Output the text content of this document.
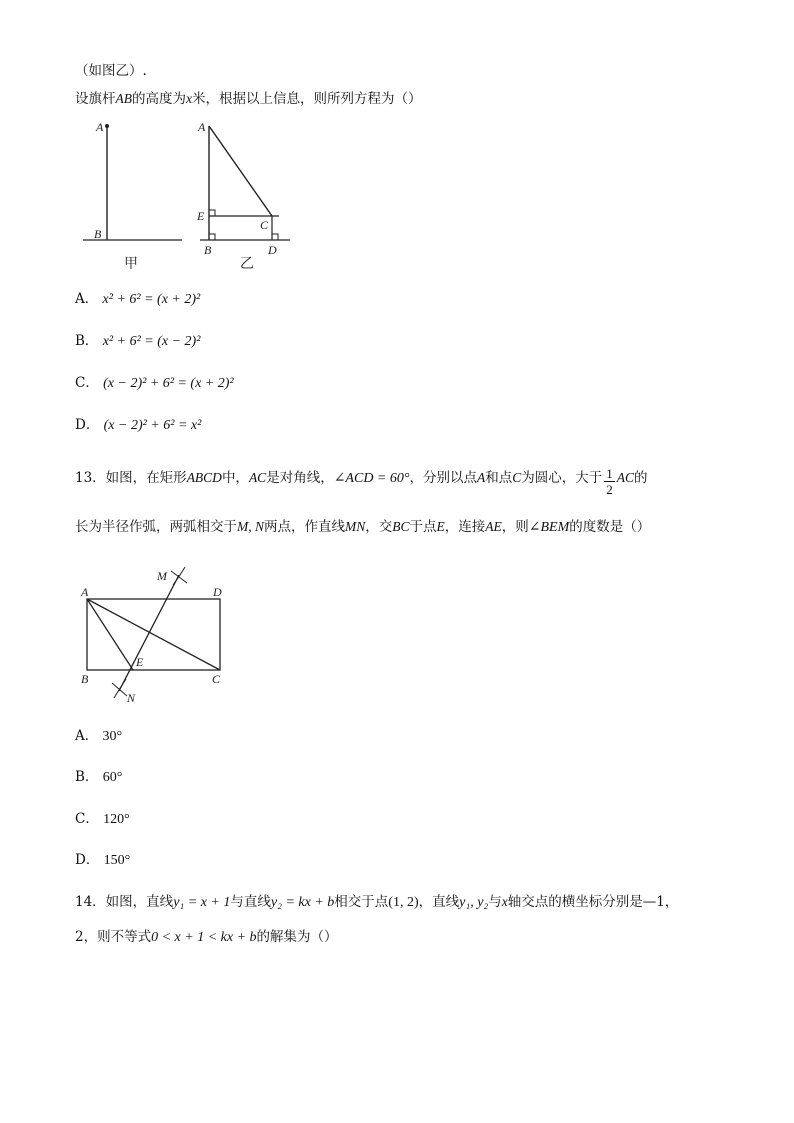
（如图乙）.
设旗杆AB的高度为x米，根据以上信息，则所列方程为（）
A
B
甲
A
E
C
B	D
乙
A． x² + 6² = (x + 2)²
B． x² + 6² = (x − 2)²
C． (x − 2)² + 6² = (x + 2)²
D． (x − 2)² + 6² = x²
13．如图，在矩形ABCD中，AC是对角线，∠ACD = 60°，分别以点A和点C为圆心，大于 $\frac{1}{2}$ AC的
长为半径作弧，两弧相交于M, N两点，作直线MN，交BC于点E，连接AE，则∠BEM的度数是（）
A	D
B	C
E
M
N
A． 30°
B． 60°
C． 120°
D． 150°
14．如图，直线y₁ = x + 1与直线y₂ = kx + b相交于点(1, 2)，直线y₁, y₂与x轴交点的横坐标分别是—1，
2，则不等式0 < x + 1 < kx + b的解集为（）
